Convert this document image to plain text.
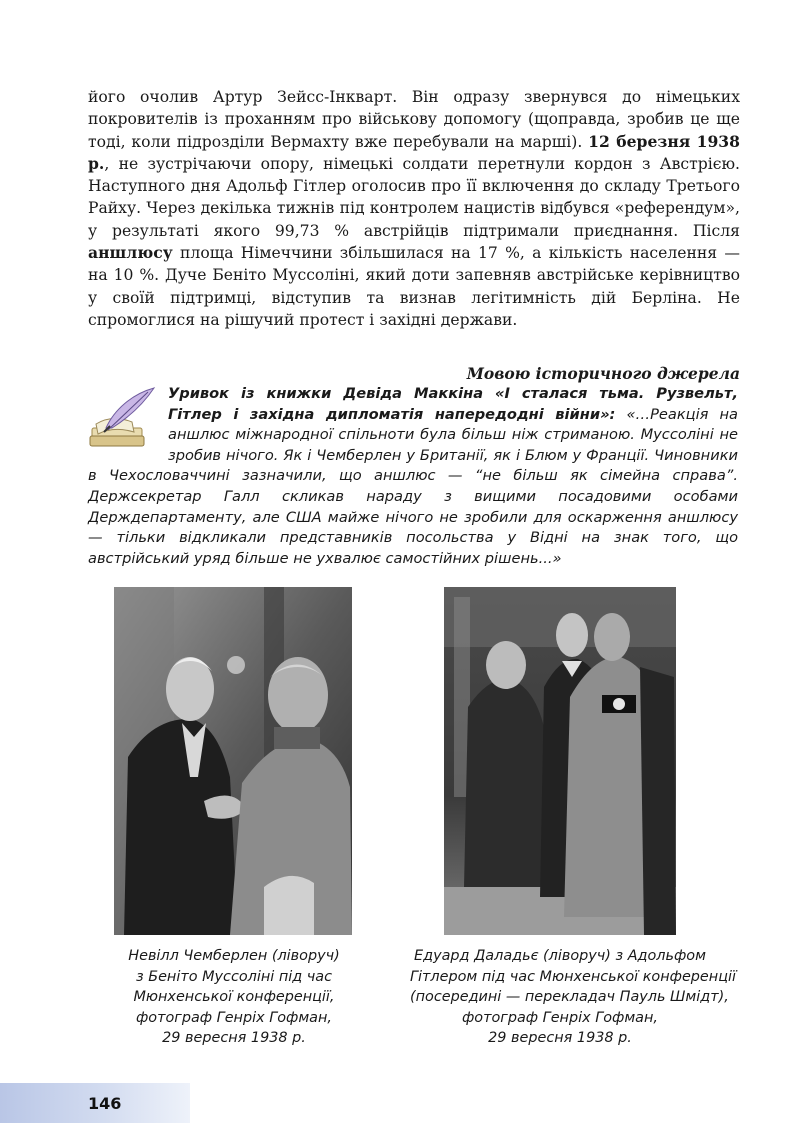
його очолив Артур Зейсс-Інкварт. Він одразу звернувся до німецьких покровителів із проханням про військову допомогу (щоправда, зробив це ще тоді, коли підрозділи Вермахту вже перебували на марші). 12 березня 1938 р., не зустрічаючи опору, німецькі солдати перетнули кордон з Австрією. Наступного дня Адольф Гітлер оголосив про її включення до складу Третього Райху. Через декілька тижнів під контролем нацистів відбувся «референдум», у результаті якого 99,73 % австрійців підтримали приєднання. Після аншлюсу площа Німеччини збільшилася на 17 %, а кількість населення — на 10 %. Дуче Беніто Муссоліні, який доти запевняв австрійське керівництво у своїй підтримці, відступив та визнав легітимність дій Берліна. Не спромоглися на рішучий протест і західні держави.

Мовою історичного джерела

Уривок із книжки Девіда Маккіна «І сталася тьма. Рузвельт, Гітлер і західна дипломатія напередодні війни»: «…Реакція на аншлюс міжнародної спільноти була більш ніж стриманою. Муссоліні не зробив нічого. Як і Чемберлен у Британії, як і Блюм у Франції. Чиновники в Чехословаччині зазначили, що аншлюс — “не більш як сімейна справа”. Держсекретар Галл скликав нараду з вищими посадовими особами Держдепартаменту, але США майже нічого не зробили для оскарження аншлюсу — тільки відкликали представників посольства у Відні на знак того, що австрійський уряд більше не ухвалює самостійних рішень...»

Невілл Чемберлен (ліворуч)
з Беніто Муссоліні під час
Мюнхенської конференції,
фотограф Генріх Гофман,
29 вересня 1938 р.

Едуард Даладьє (ліворуч) з Адольфом
Гітлером під час Мюнхенської конференції
(посередині — перекладач Пауль Шмідт),
фотограф Генріх Гофман,
29 вересня 1938 р.

146
